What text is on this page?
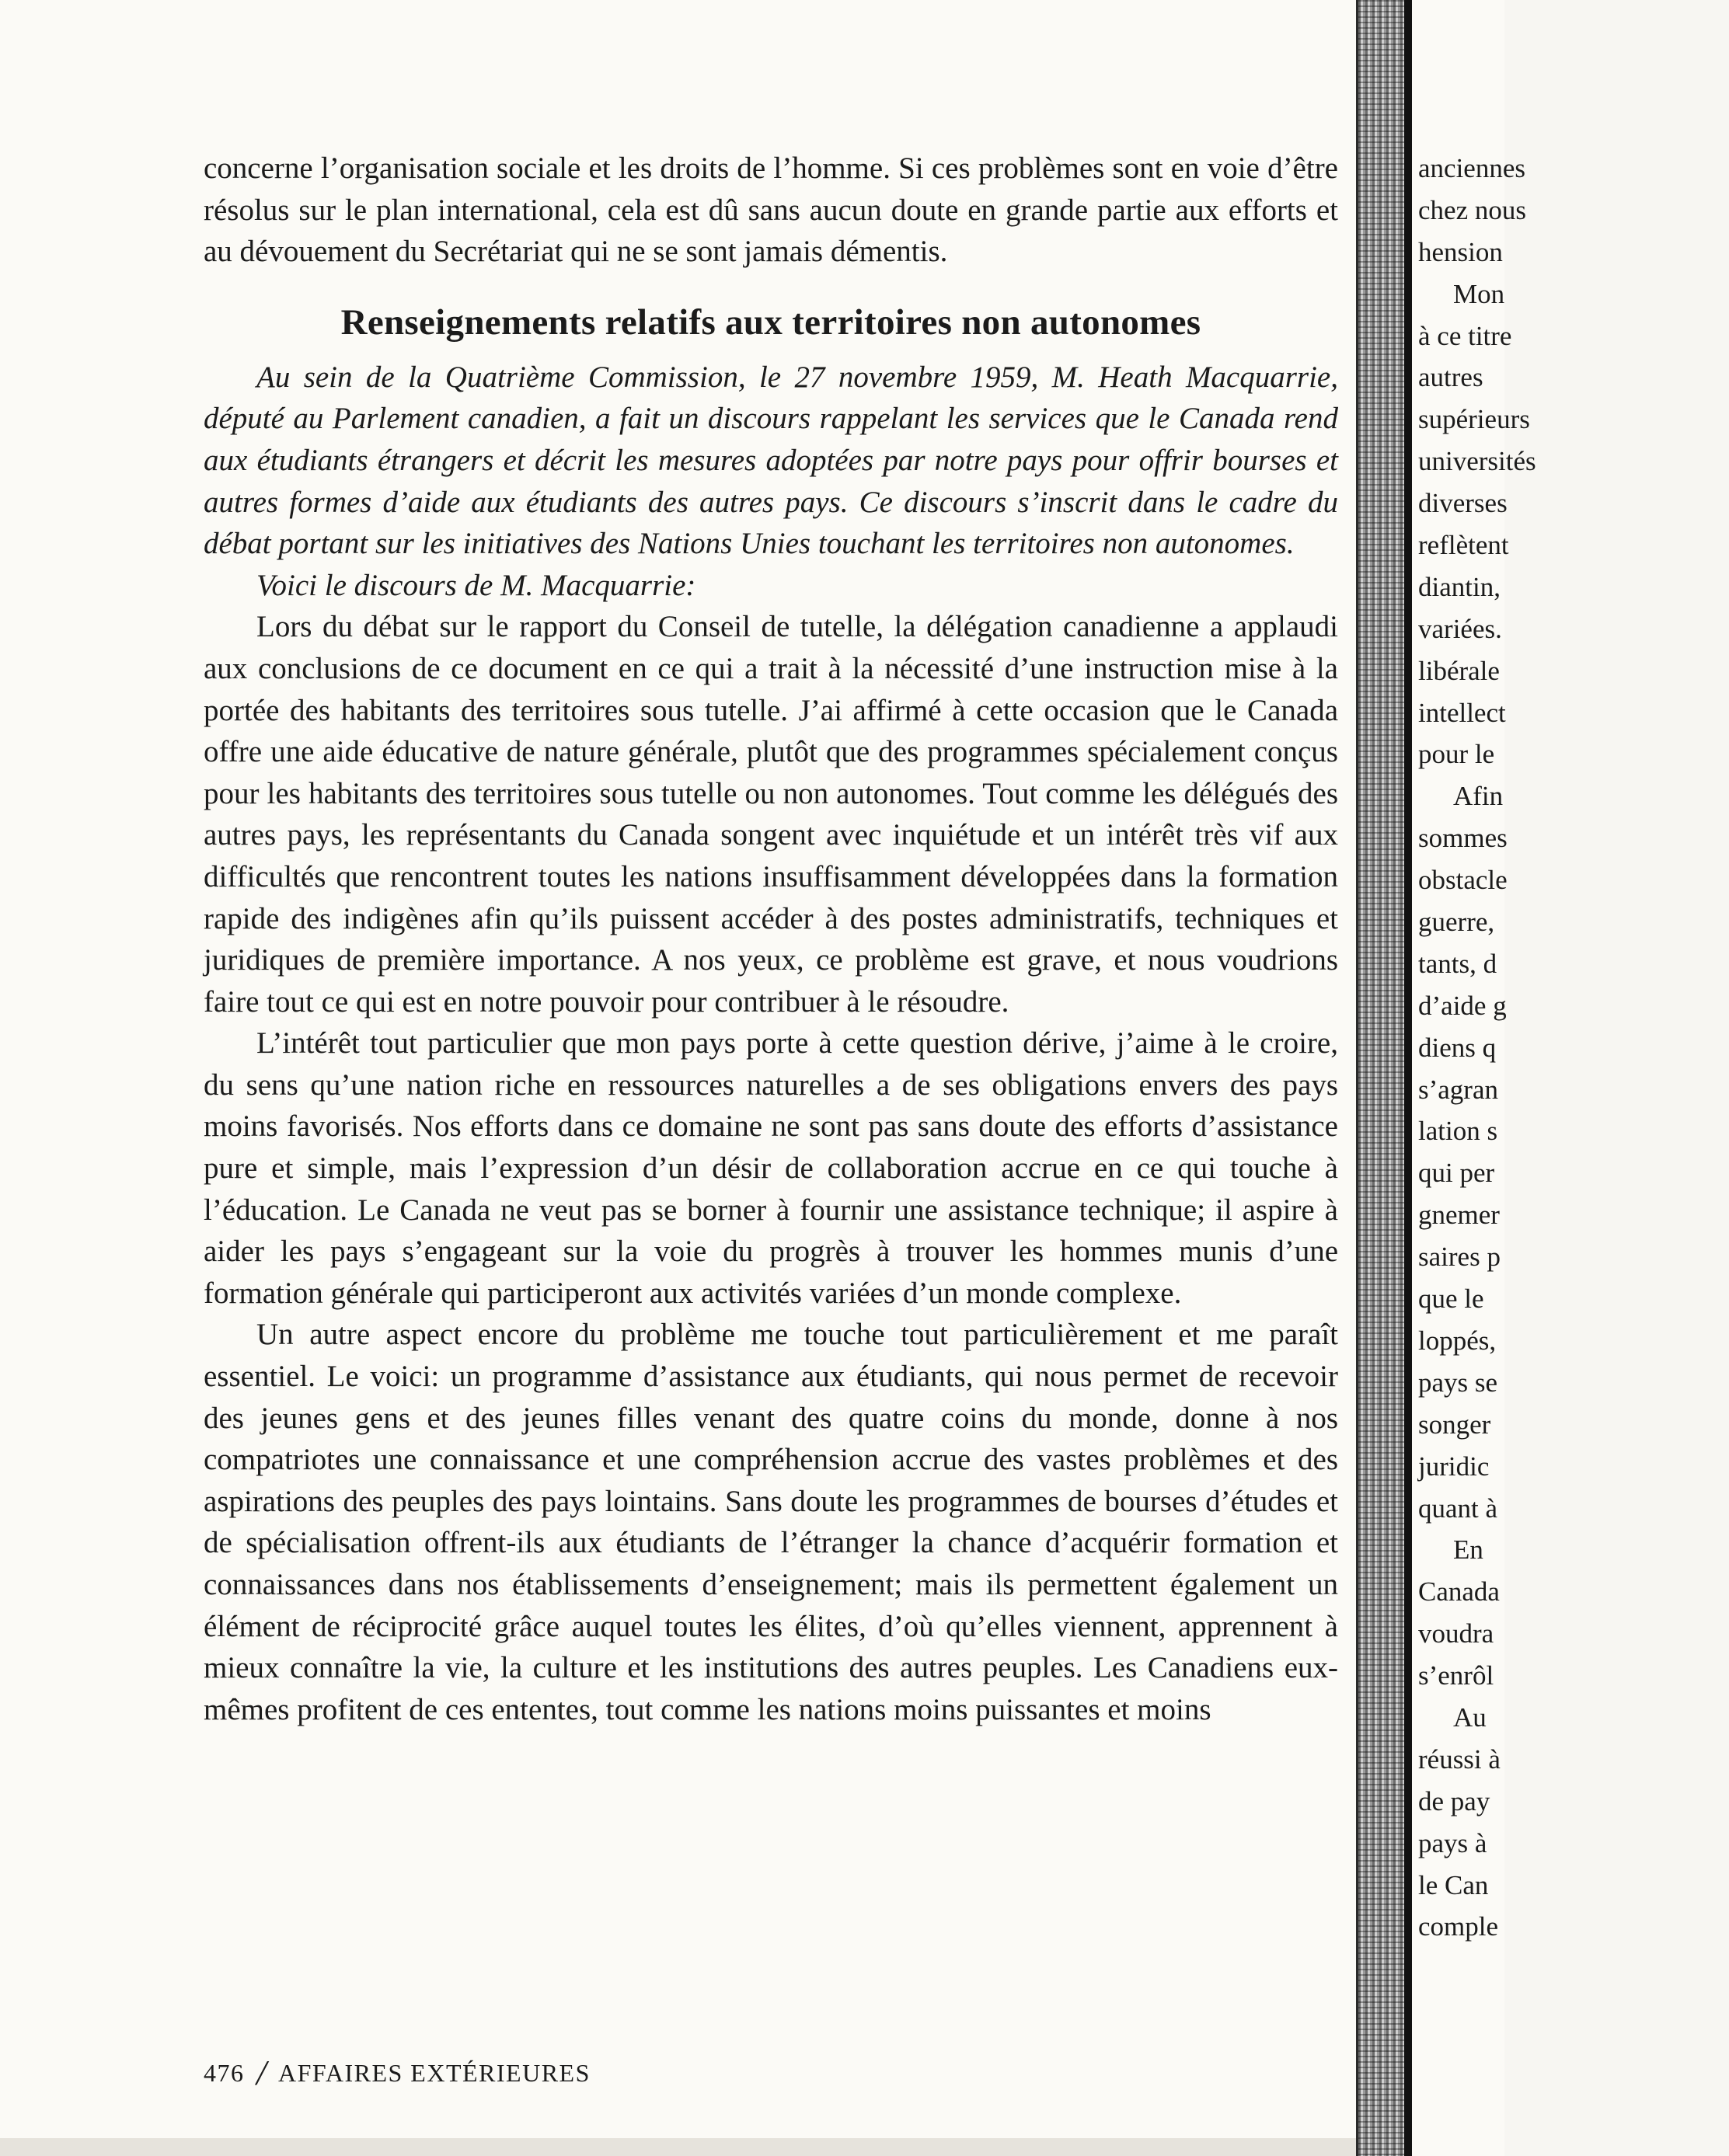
concerne l’organisation sociale et les droits de l’homme. Si ces problèmes sont en voie d’être résolus sur le plan international, cela est dû sans aucun doute en grande partie aux efforts et au dévouement du Secrétariat qui ne se sont jamais démentis.

Renseignements relatifs aux territoires non autonomes

Au sein de la Quatrième Commission, le 27 novembre 1959, M. Heath Macquarrie, député au Parlement canadien, a fait un discours rappelant les services que le Canada rend aux étudiants étrangers et décrit les mesures adoptées par notre pays pour offrir bourses et autres formes d’aide aux étudiants des autres pays. Ce discours s’inscrit dans le cadre du débat portant sur les initiatives des Nations Unies touchant les territoires non autonomes.

Voici le discours de M. Macquarrie:

Lors du débat sur le rapport du Conseil de tutelle, la délégation canadienne a applaudi aux conclusions de ce document en ce qui a trait à la nécessité d’une instruction mise à la portée des habitants des territoires sous tutelle. J’ai affirmé à cette occasion que le Canada offre une aide éducative de nature générale, plutôt que des programmes spécialement conçus pour les habitants des territoires sous tutelle ou non autonomes. Tout comme les délégués des autres pays, les représentants du Canada songent avec inquiétude et un intérêt très vif aux difficultés que rencontrent toutes les nations insuffisamment développées dans la formation rapide des indigènes afin qu’ils puissent accéder à des postes administratifs, techniques et juridiques de première importance. A nos yeux, ce problème est grave, et nous voudrions faire tout ce qui est en notre pouvoir pour contribuer à le résoudre.

L’intérêt tout particulier que mon pays porte à cette question dérive, j’aime à le croire, du sens qu’une nation riche en ressources naturelles a de ses obligations envers des pays moins favorisés. Nos efforts dans ce domaine ne sont pas sans doute des efforts d’assistance pure et simple, mais l’expression d’un désir de collaboration accrue en ce qui touche à l’éducation. Le Canada ne veut pas se borner à fournir une assistance technique; il aspire à aider les pays s’engageant sur la voie du progrès à trouver les hommes munis d’une formation générale qui participeront aux activités variées d’un monde complexe.

Un autre aspect encore du problème me touche tout particulièrement et me paraît essentiel. Le voici: un programme d’assistance aux étudiants, qui nous permet de recevoir des jeunes gens et des jeunes filles venant des quatre coins du monde, donne à nos compatriotes une connaissance et une compréhension accrue des vastes problèmes et des aspirations des peuples des pays lointains. Sans doute les programmes de bourses d’études et de spécialisation offrent-ils aux étudiants de l’étranger la chance d’acquérir formation et connaissances dans nos établissements d’enseignement; mais ils permettent également un élément de réciprocité grâce auquel toutes les élites, d’où qu’elles viennent, apprennent à mieux connaître la vie, la culture et les institutions des autres peuples. Les Canadiens eux-mêmes profitent de ces ententes, tout comme les nations moins puissantes et moins

476 / AFFAIRES EXTÉRIEURES
anciennes
chez nous
hension
Mon
à ce titre
autres
supérieurs
universités
diverses
reflètent
diantin,
variées.
libérale
intellect
pour le
Afin
sommes
obstacle
guerre,
tants, d
d’aide g
diens q
s’agran
lation s
qui per
gnemer
saires p
que le
loppés,
pays se
songer
juridic
quant à
En
Canada
voudra
s’enrôl
Au
réussi à
de pay
pays à
le Can
comple
